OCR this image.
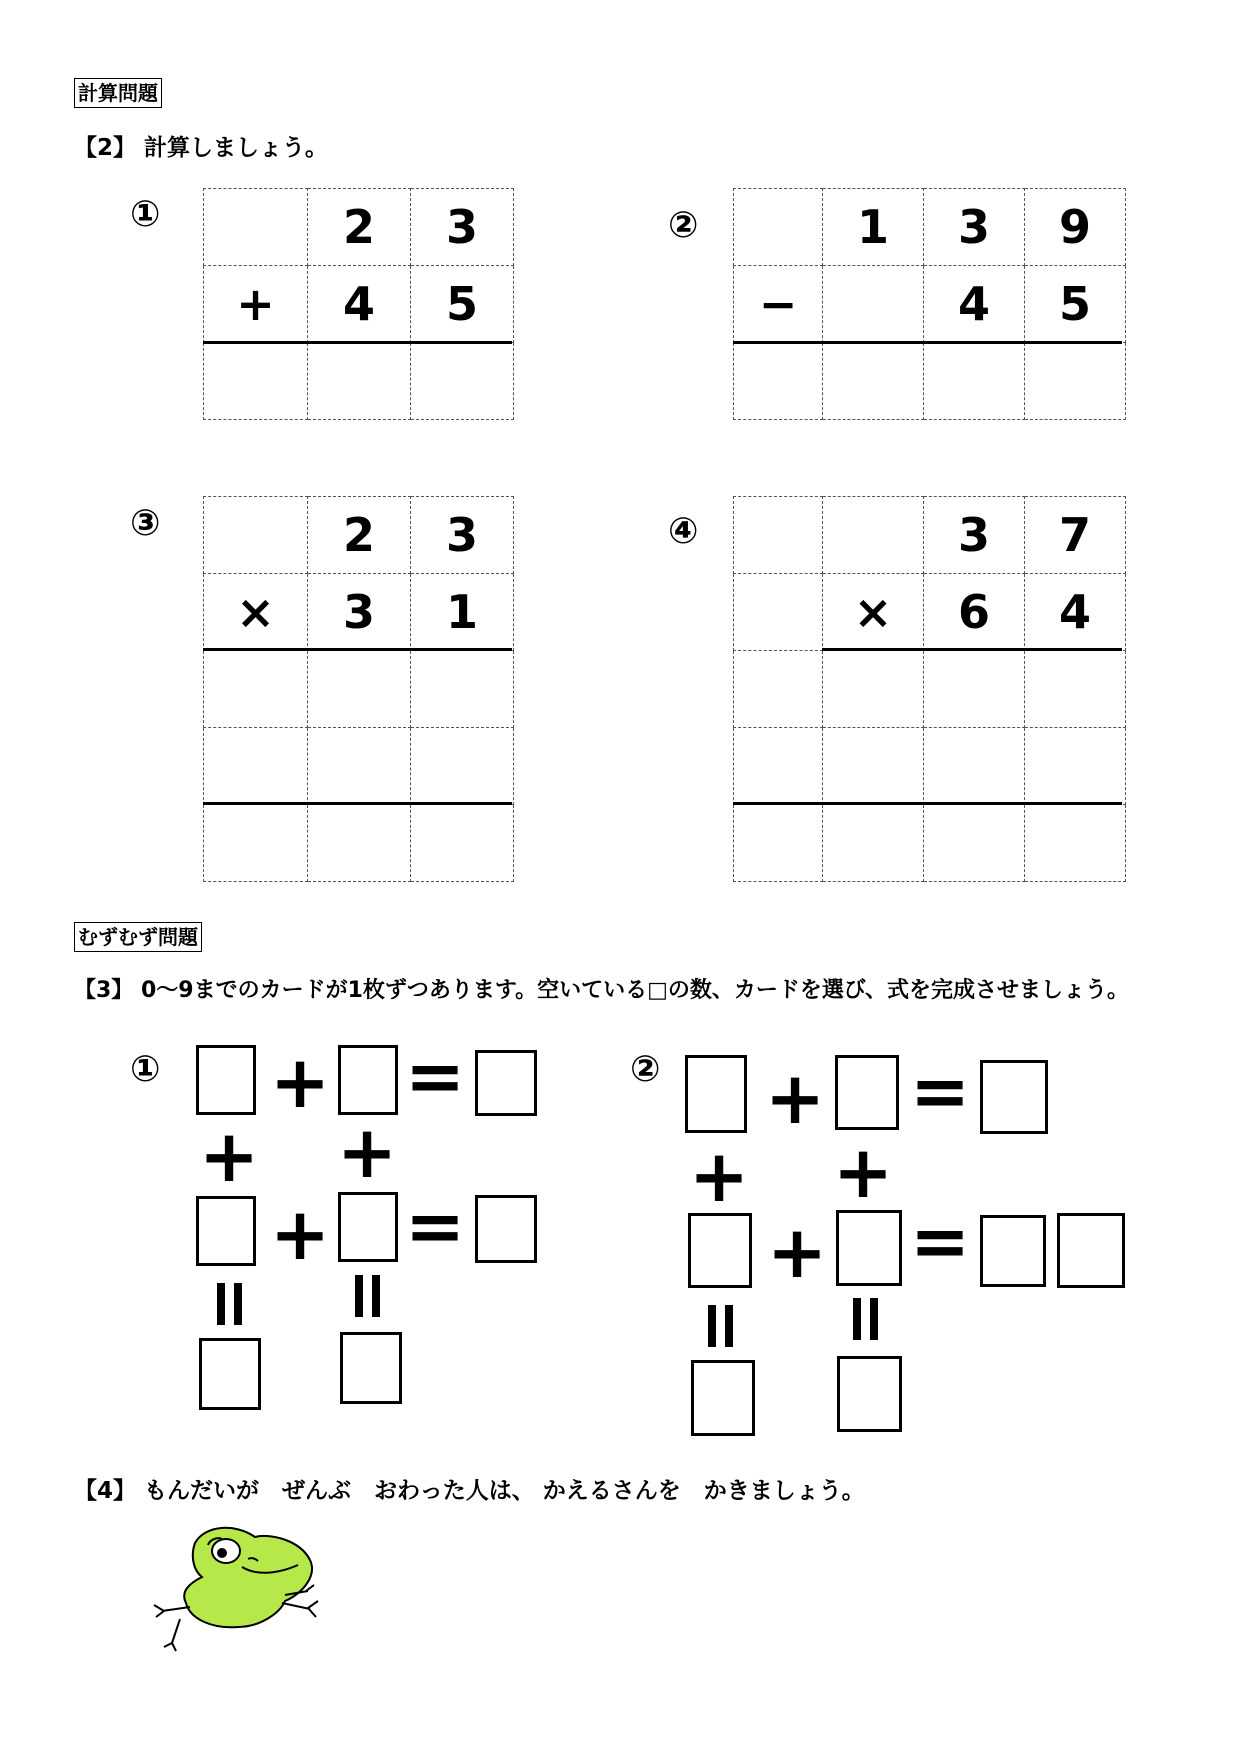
計算問題
【2】 計算しましょう。
①
		2	3
+	4	5

②
		1	3	9
−		4	5

③
		2	3
×	3	1

④
			3	7
	×	6	4

むずむず問題
【3】 0～9までのカードが1枚ずつあります。空いている□の数、カードを選び、式を完成させましょう。
① + =
+ +
+ =
② + =
+ +
+ =
【4】 もんだいが　ぜんぶ　おわった人は、 かえるさんを　かきましょう。
